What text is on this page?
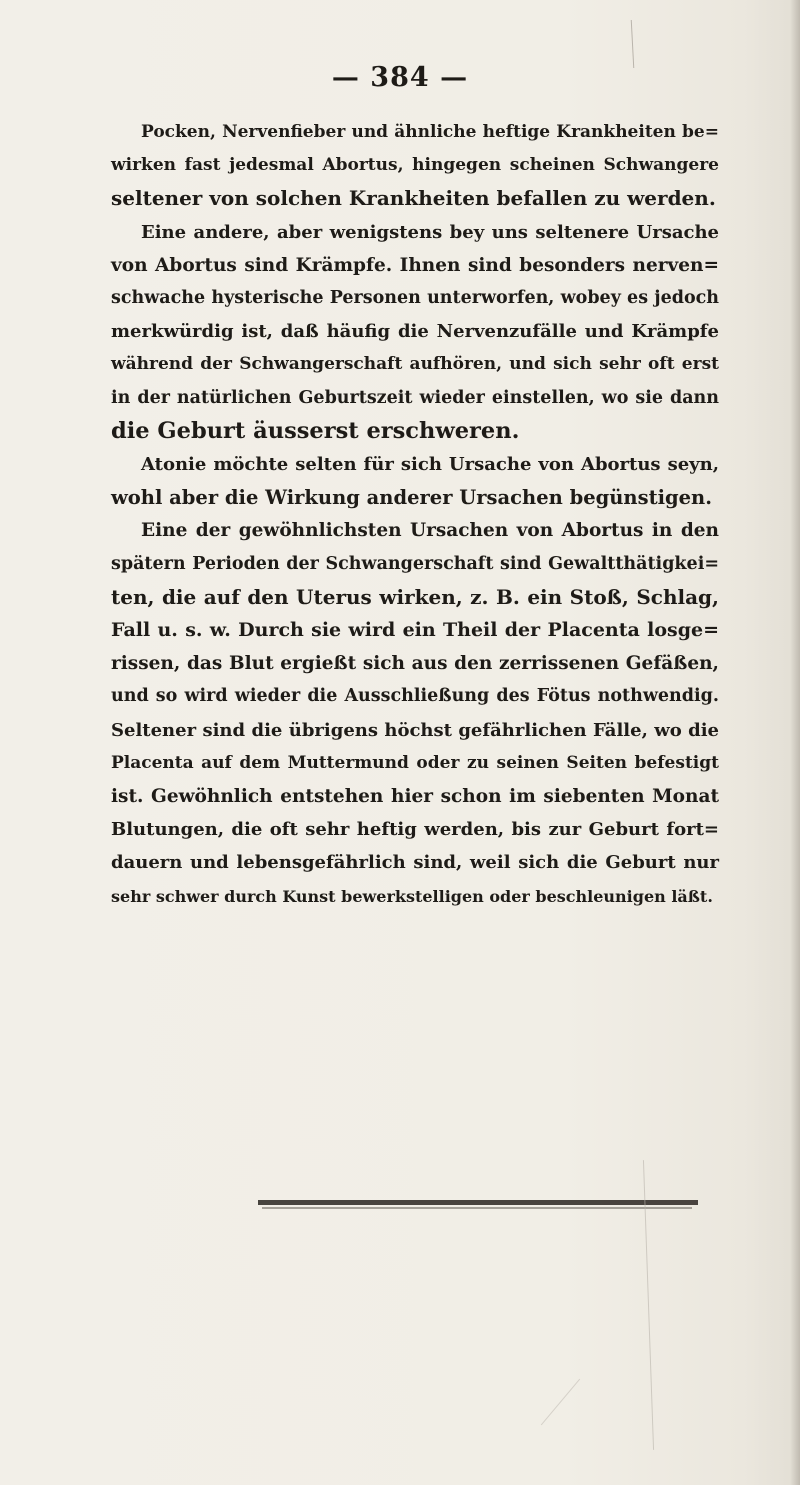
— 384 —
Pocken, Nervenfieber und ähnliche heftige Krankheiten be=
wirken fast jedesmal Abortus, hingegen scheinen Schwangere
seltener von solchen Krankheiten befallen zu werden.
Eine andere, aber wenigstens bey uns seltenere Ursache
von Abortus sind Krämpfe. Ihnen sind besonders nerven=
schwache hysterische Personen unterworfen, wobey es jedoch
merkwürdig ist, daß häufig die Nervenzufälle und Krämpfe
während der Schwangerschaft aufhören, und sich sehr oft erst
in der natürlichen Geburtszeit wieder einstellen, wo sie dann
die Geburt äusserst erschweren.
Atonie möchte selten für sich Ursache von Abortus seyn,
wohl aber die Wirkung anderer Ursachen begünstigen.
Eine der gewöhnlichsten Ursachen von Abortus in den
spätern Perioden der Schwangerschaft sind Gewaltthätigkei=
ten, die auf den Uterus wirken, z. B. ein Stoß, Schlag,
Fall u. s. w. Durch sie wird ein Theil der Placenta losge=
rissen, das Blut ergießt sich aus den zerrissenen Gefäßen,
und so wird wieder die Ausschließung des Fötus nothwendig.
Seltener sind die übrigens höchst gefährlichen Fälle, wo die
Placenta auf dem Muttermund oder zu seinen Seiten befestigt
ist. Gewöhnlich entstehen hier schon im siebenten Monat
Blutungen, die oft sehr heftig werden, bis zur Geburt fort=
dauern und lebensgefährlich sind, weil sich die Geburt nur
sehr schwer durch Kunst bewerkstelligen oder beschleunigen läßt.
